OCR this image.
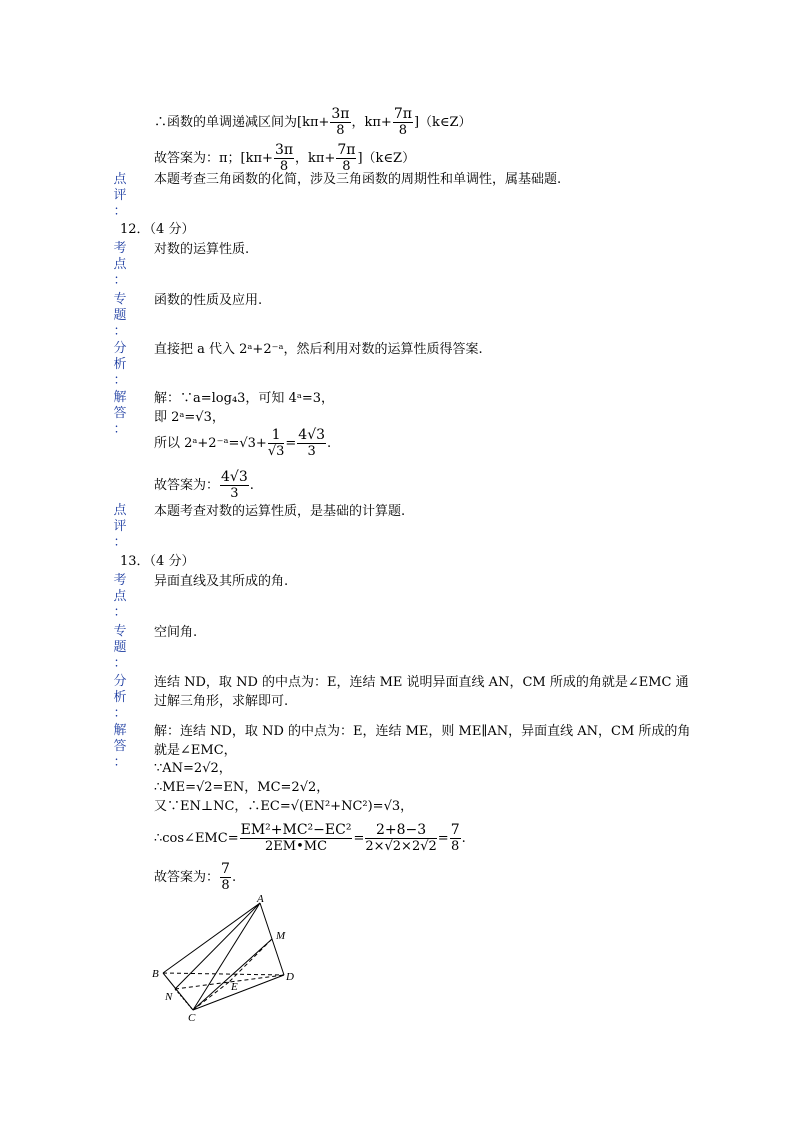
∴函数的单调递减区间为[$k\pi+ \frac{3\pi}{8}$ ，$k\pi+ \frac{7\pi}{8}$ ]（k∈Z）
故答案为：π；[$k\pi+ \frac{3\pi}{8}$ ，$k\pi+ \frac{7\pi}{8}$ ]（k∈Z）
点
评
：
本题考查三角函数的化简，涉及三角函数的周期性和单调性，属基础题.
12．（4 分）
考
点
：
对数的运算性质.
专
题
：
函数的性质及应用.
分
析
：
直接把 a 代入 2ᵃ+2⁻ᵃ，然后利用对数的运算性质得答案.
解
答
：
解：∵a=log₄3，可知 4ᵃ=3，
即 2ᵃ=√3，
所以 2ᵃ+2⁻ᵃ=√3+ $\frac{1}{√3} = \frac{4√3}{3}$ .
故答案为： $\frac{4√3}{3}$ .
点
评
：
本题考查对数的运算性质，是基础的计算题.
13．（4 分）
考
点
：
异面直线及其所成的角.
专
题
：
空间角.
分
析
：
连结 ND，取 ND 的中点为：E，连结 ME 说明异面直线 AN，CM 所成的角就是∠EMC 通
过解三角形，求解即可.
解
答
：
解：连结 ND，取 ND 的中点为：E，连结 ME，则 ME∥AN，异面直线 AN，CM 所成的角
就是∠EMC，
∵AN=2√2，
∴ME=√2=EN，MC=2√2，
又∵EN⊥NC，∴EC=√(EN²+NC²)=√3，
∴cos∠EMC= $\frac{\text{EM²+MC²−EC²}}{2EM•MC} = \frac{2+8-3}{2\times√2\times 2√2} = \frac{7}{8}$ .
故答案为： $\frac{7}{8}$ .
A
M
B	D
N
E
C
